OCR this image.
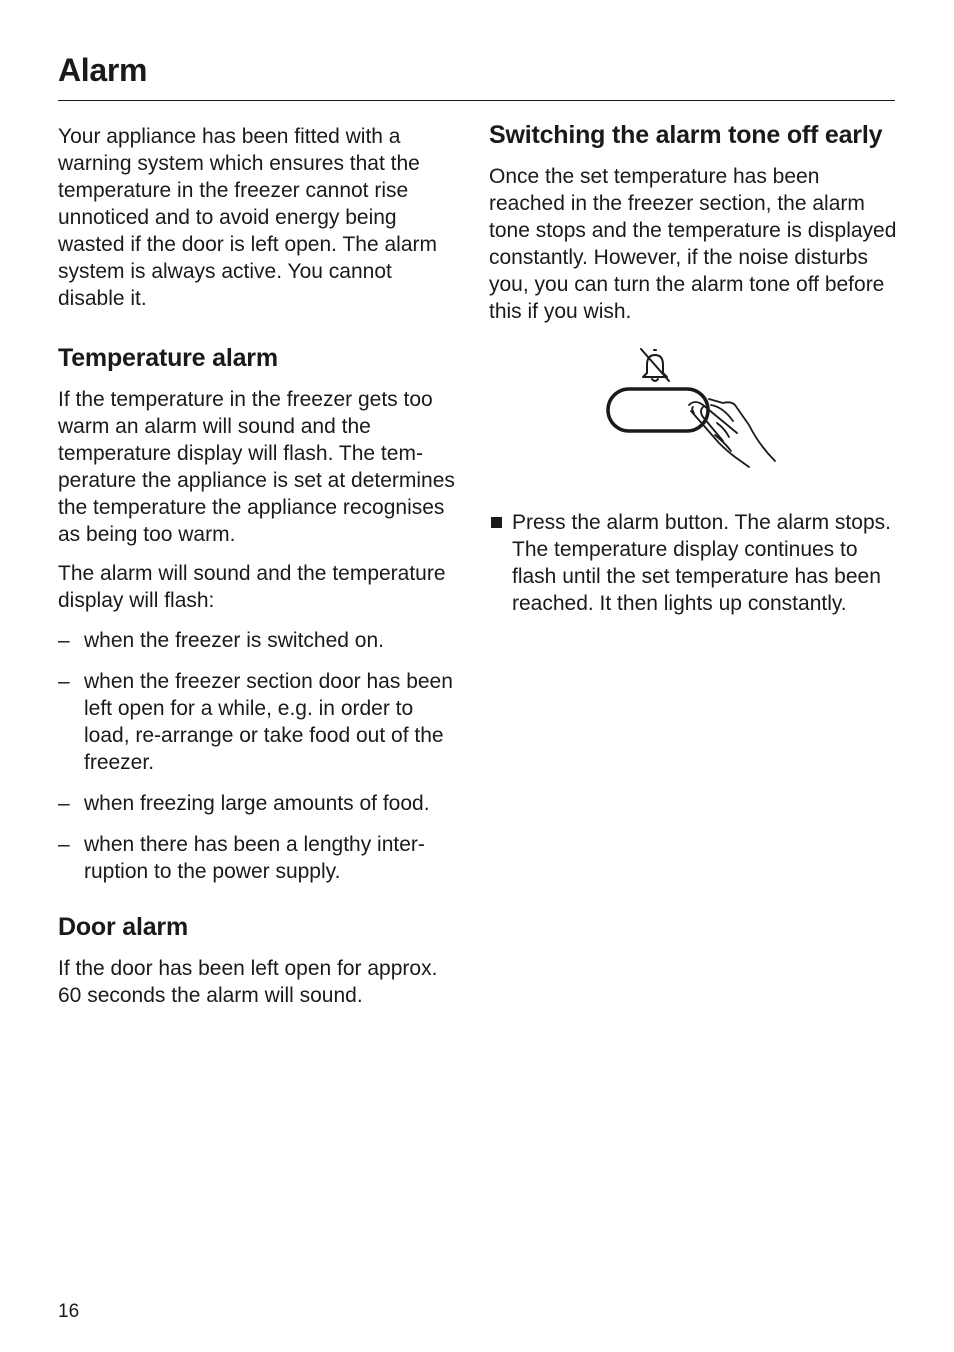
Alarm

Your appliance has been fitted with a warning system which ensures that the temperature in the freezer cannot rise unnoticed and to avoid energy being wasted if the door is left open. The alarm system is always active. You cannot disable it.

Temperature alarm

If the temperature in the freezer gets too warm an alarm will sound and the temperature display will flash. The temperature the appliance is set at determines the temperature the appliance recognises as being too warm.

The alarm will sound and the temperature display will flash:

– when the freezer is switched on.
– when the freezer section door has been left open for a while, e.g. in order to load, re-arrange or take food out of the freezer.
– when freezing large amounts of food.
– when there has been a lengthy interruption to the power supply.
Door alarm

If the door has been left open for approx. 60 seconds the alarm will sound.

Switching the alarm tone off early

Once the set temperature has been reached in the freezer section, the alarm tone stops and the temperature is displayed constantly. However, if the noise disturbs you, you can turn the alarm tone off before this if you wish.

Press the alarm button. The alarm stops. The temperature display continues to flash until the set temperature has been reached. It then lights up constantly.
16
